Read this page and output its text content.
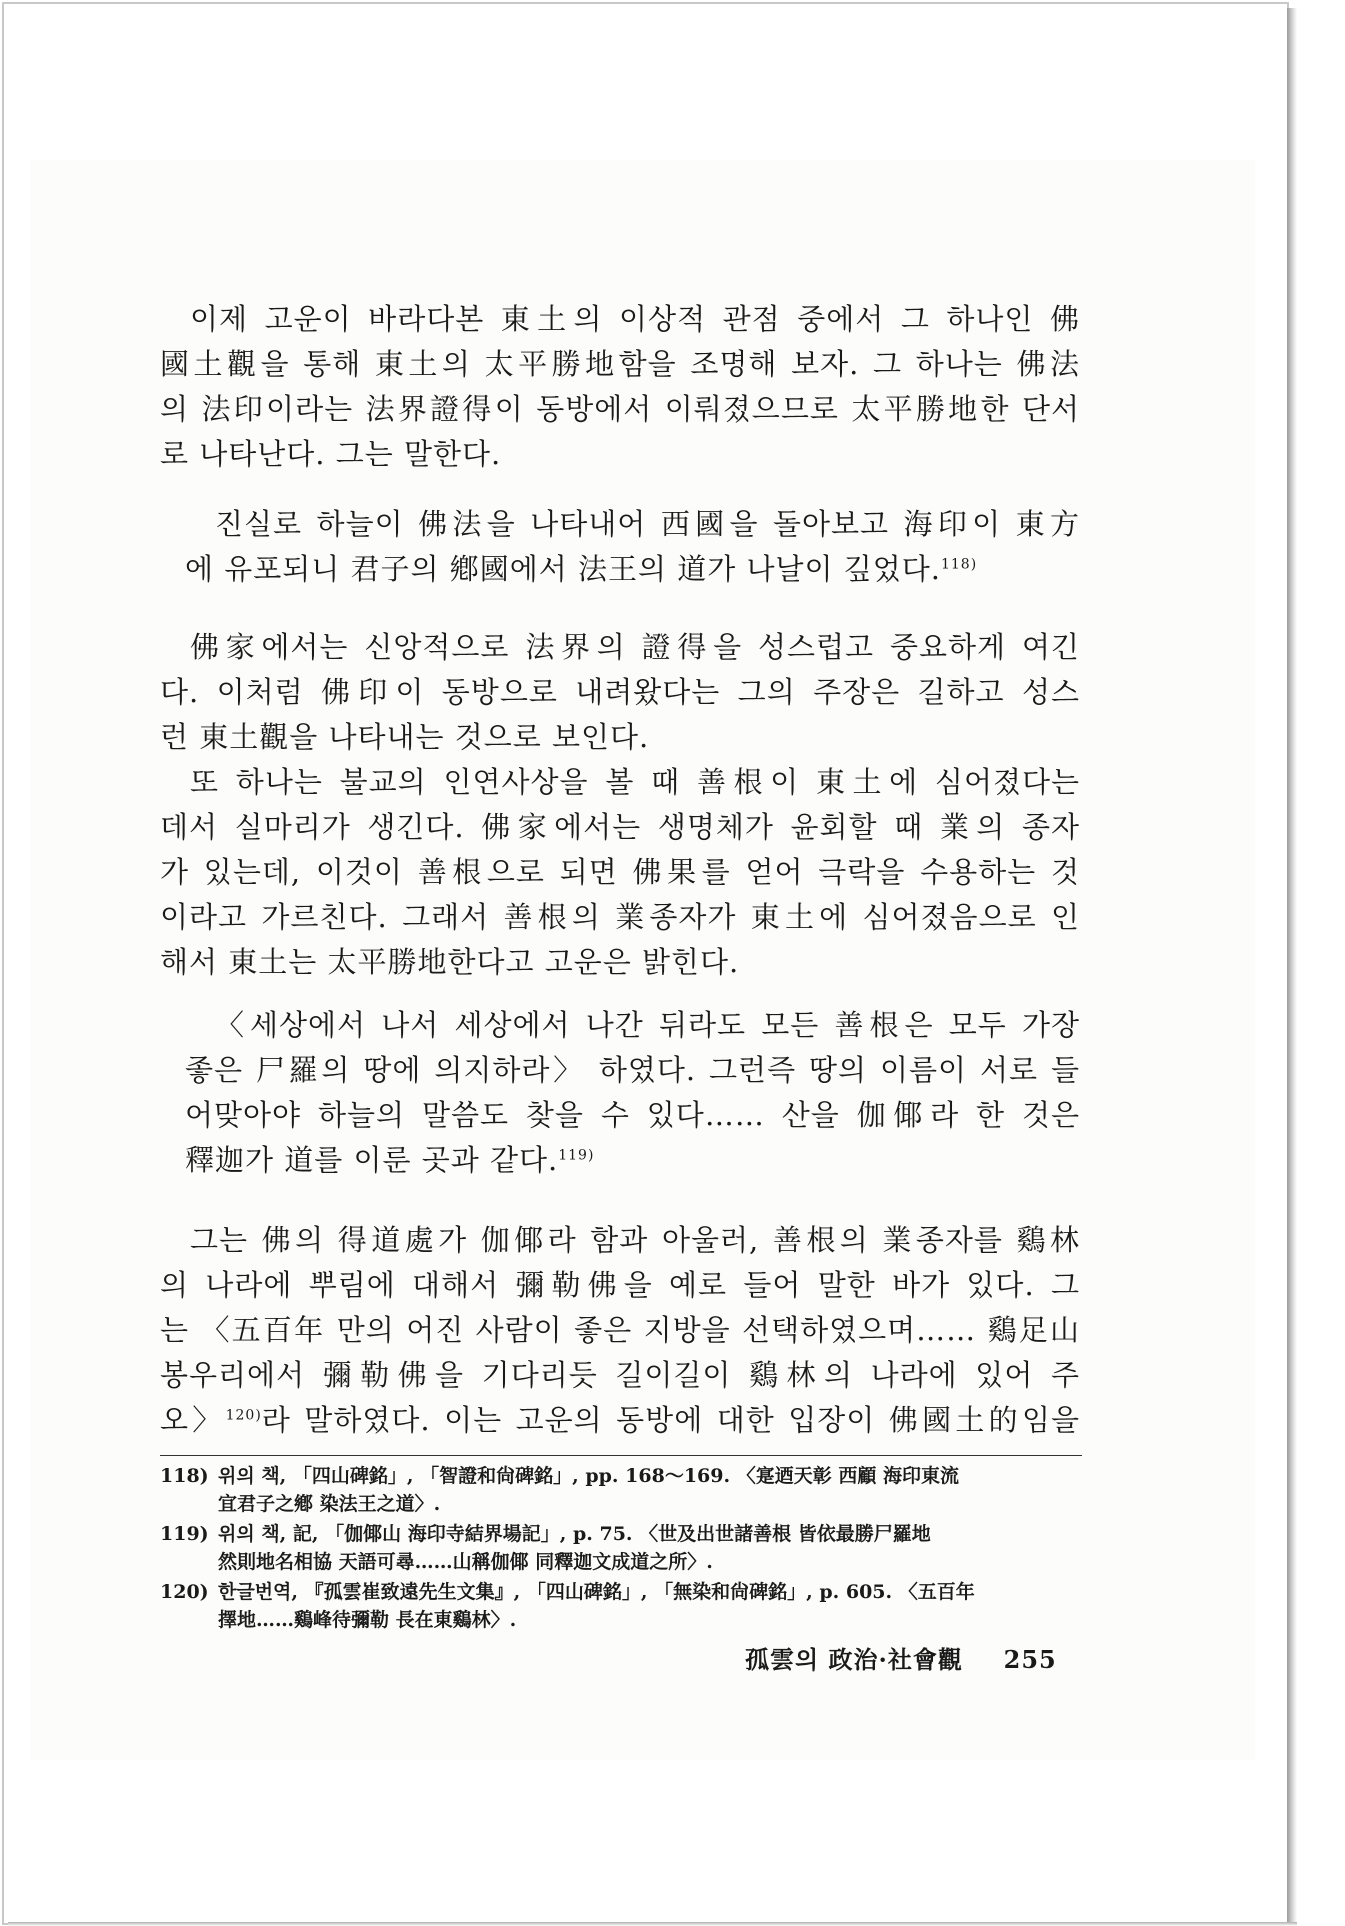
이제 고운이 바라다본 東土의 이상적 관점 중에서 그 하나인 佛
國土觀을 통해 東土의 太平勝地함을 조명해 보자. 그 하나는 佛法
의 法印이라는 法界證得이 동방에서 이뤄졌으므로 太平勝地한 단서
로 나타난다. 그는 말한다.

진실로 하늘이 佛法을 나타내어 西國을 돌아보고 海印이 東方
에 유포되니 君子의 鄕國에서 法王의 道가 나날이 깊었다.$^{118)}$

佛家에서는 신앙적으로 法界의 證得을 성스럽고 중요하게 여긴
다. 이처럼 佛印이 동방으로 내려왔다는 그의 주장은 길하고 성스
런 東土觀을 나타내는 것으로 보인다.
또 하나는 불교의 인연사상을 볼 때 善根이 東土에 심어졌다는
데서 실마리가 생긴다. 佛家에서는 생명체가 윤회할 때 業의 종자
가 있는데, 이것이 善根으로 되면 佛果를 얻어 극락을 수용하는 것
이라고 가르친다. 그래서 善根의 業종자가 東土에 심어졌음으로 인
해서 東土는 太平勝地한다고 고운은 밝힌다.

〈세상에서 나서 세상에서 나간 뒤라도 모든 善根은 모두 가장
좋은 尸羅의 땅에 의지하라〉 하였다. 그런즉 땅의 이름이 서로 들
어맞아야 하늘의 말씀도 찾을 수 있다…… 산을 伽倻라 한 것은
釋迦가 道를 이룬 곳과 같다.$^{119)}$

그는 佛의 得道處가 伽倻라 함과 아울러, 善根의 業종자를 鷄林
의 나라에 뿌림에 대해서 彌勒佛을 예로 들어 말한 바가 있다. 그
는 〈五百年 만의 어진 사람이 좋은 지방을 선택하였으며…… 鷄足山
봉우리에서 彌勒佛을 기다리듯 길이길이 鷄林의 나라에 있어 주
오〉$^{120)}$라 말하였다. 이는 고운의 동방에 대한 입장이 佛國土的임을

118) 위의 책, 「四山碑銘」, 「智證和尙碑銘」, pp. 168～169. 〈寔迺天彰 西顧 海印東流
宜君子之鄕 染法王之道〉.
119) 위의 책, 記, 「伽倻山 海印寺結界場記」, p. 75. 〈世及出世諸善根 皆依最勝尸羅地
然則地名相協 天語可尋……山稱伽倻 同釋迦文成道之所〉.
120) 한글번역, 『孤雲崔致遠先生文集』, 「四山碑銘」, 「無染和尙碑銘」, p. 605. 〈五百年
擇地……鷄峰待彌勒 長在東鷄林〉.
孤雲의 政治·社會觀 255
